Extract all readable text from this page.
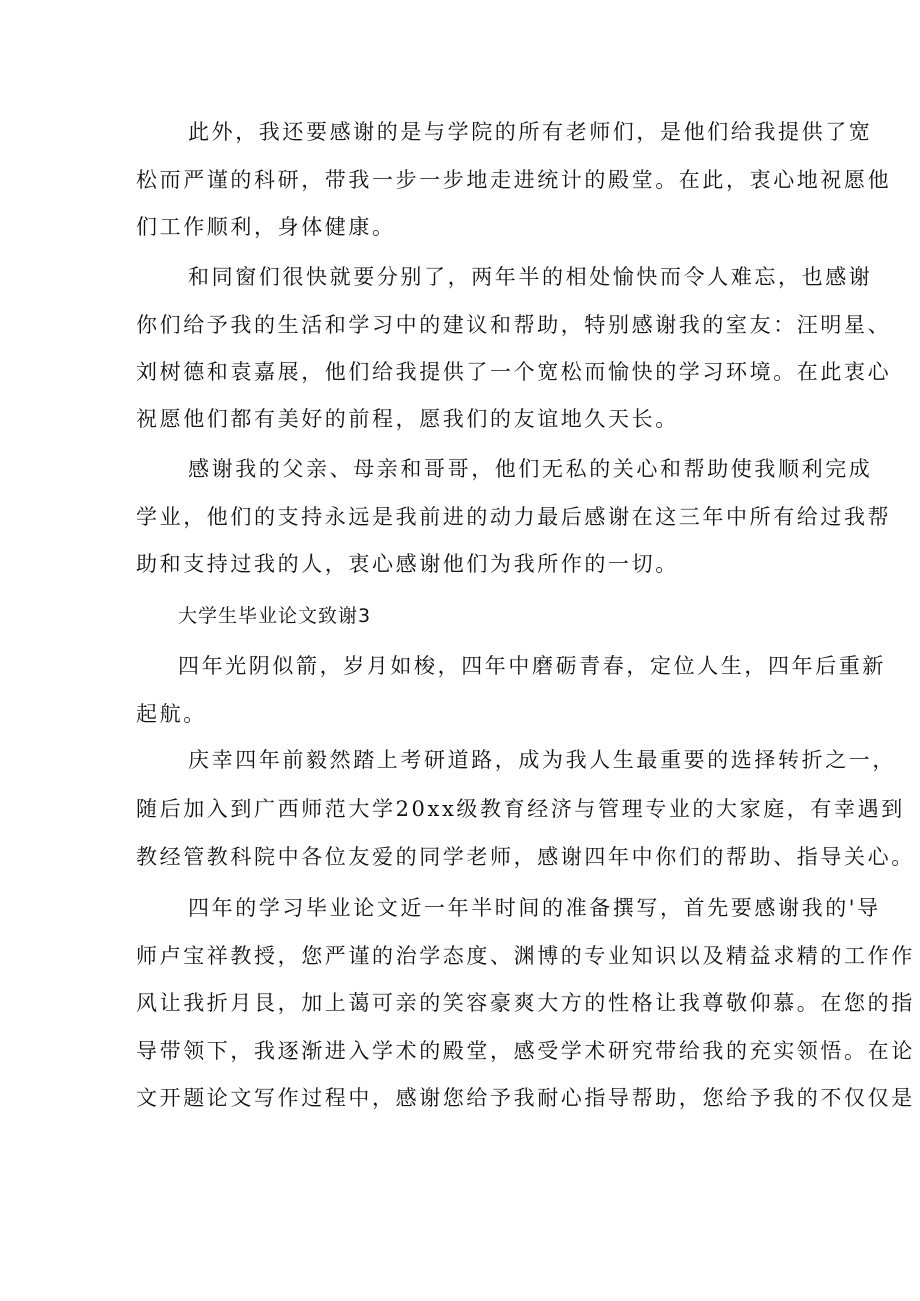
此外，我还要感谢的是与学院的所有老师们，是他们给我提供了宽
松而严谨的科研，带我一步一步地走进统计的殿堂。在此，衷心地祝愿他
们工作顺利，身体健康。
和同窗们很快就要分别了，两年半的相处愉快而令人难忘，也感谢
你们给予我的生活和学习中的建议和帮助，特别感谢我的室友：汪明星、
刘树德和袁嘉展，他们给我提供了一个宽松而愉快的学习环境。在此衷心
祝愿他们都有美好的前程，愿我们的友谊地久天长。
感谢我的父亲、母亲和哥哥，他们无私的关心和帮助使我顺利完成
学业，他们的支持永远是我前进的动力最后感谢在这三年中所有给过我帮
助和支持过我的人，衷心感谢他们为我所作的一切。
大学生毕业论文致谢3
四年光阴似箭，岁月如梭，四年中磨砺青春，定位人生，四年后重新
起航。
庆幸四年前毅然踏上考研道路，成为我人生最重要的选择转折之一，
随后加入到广西师范大学20xx级教育经济与管理专业的大家庭，有幸遇到
教经管教科院中各位友爱的同学老师，感谢四年中你们的帮助、指导关心。
四年的学习毕业论文近一年半时间的准备撰写，首先要感谢我的'导
师卢宝祥教授，您严谨的治学态度、渊博的专业知识以及精益求精的工作作
风让我折月艮，加上蔼可亲的笑容豪爽大方的性格让我尊敬仰慕。在您的指
导带领下，我逐渐进入学术的殿堂，感受学术研究带给我的充实领悟。在论
文开题论文写作过程中，感谢您给予我耐心指导帮助，您给予我的不仅仅是
